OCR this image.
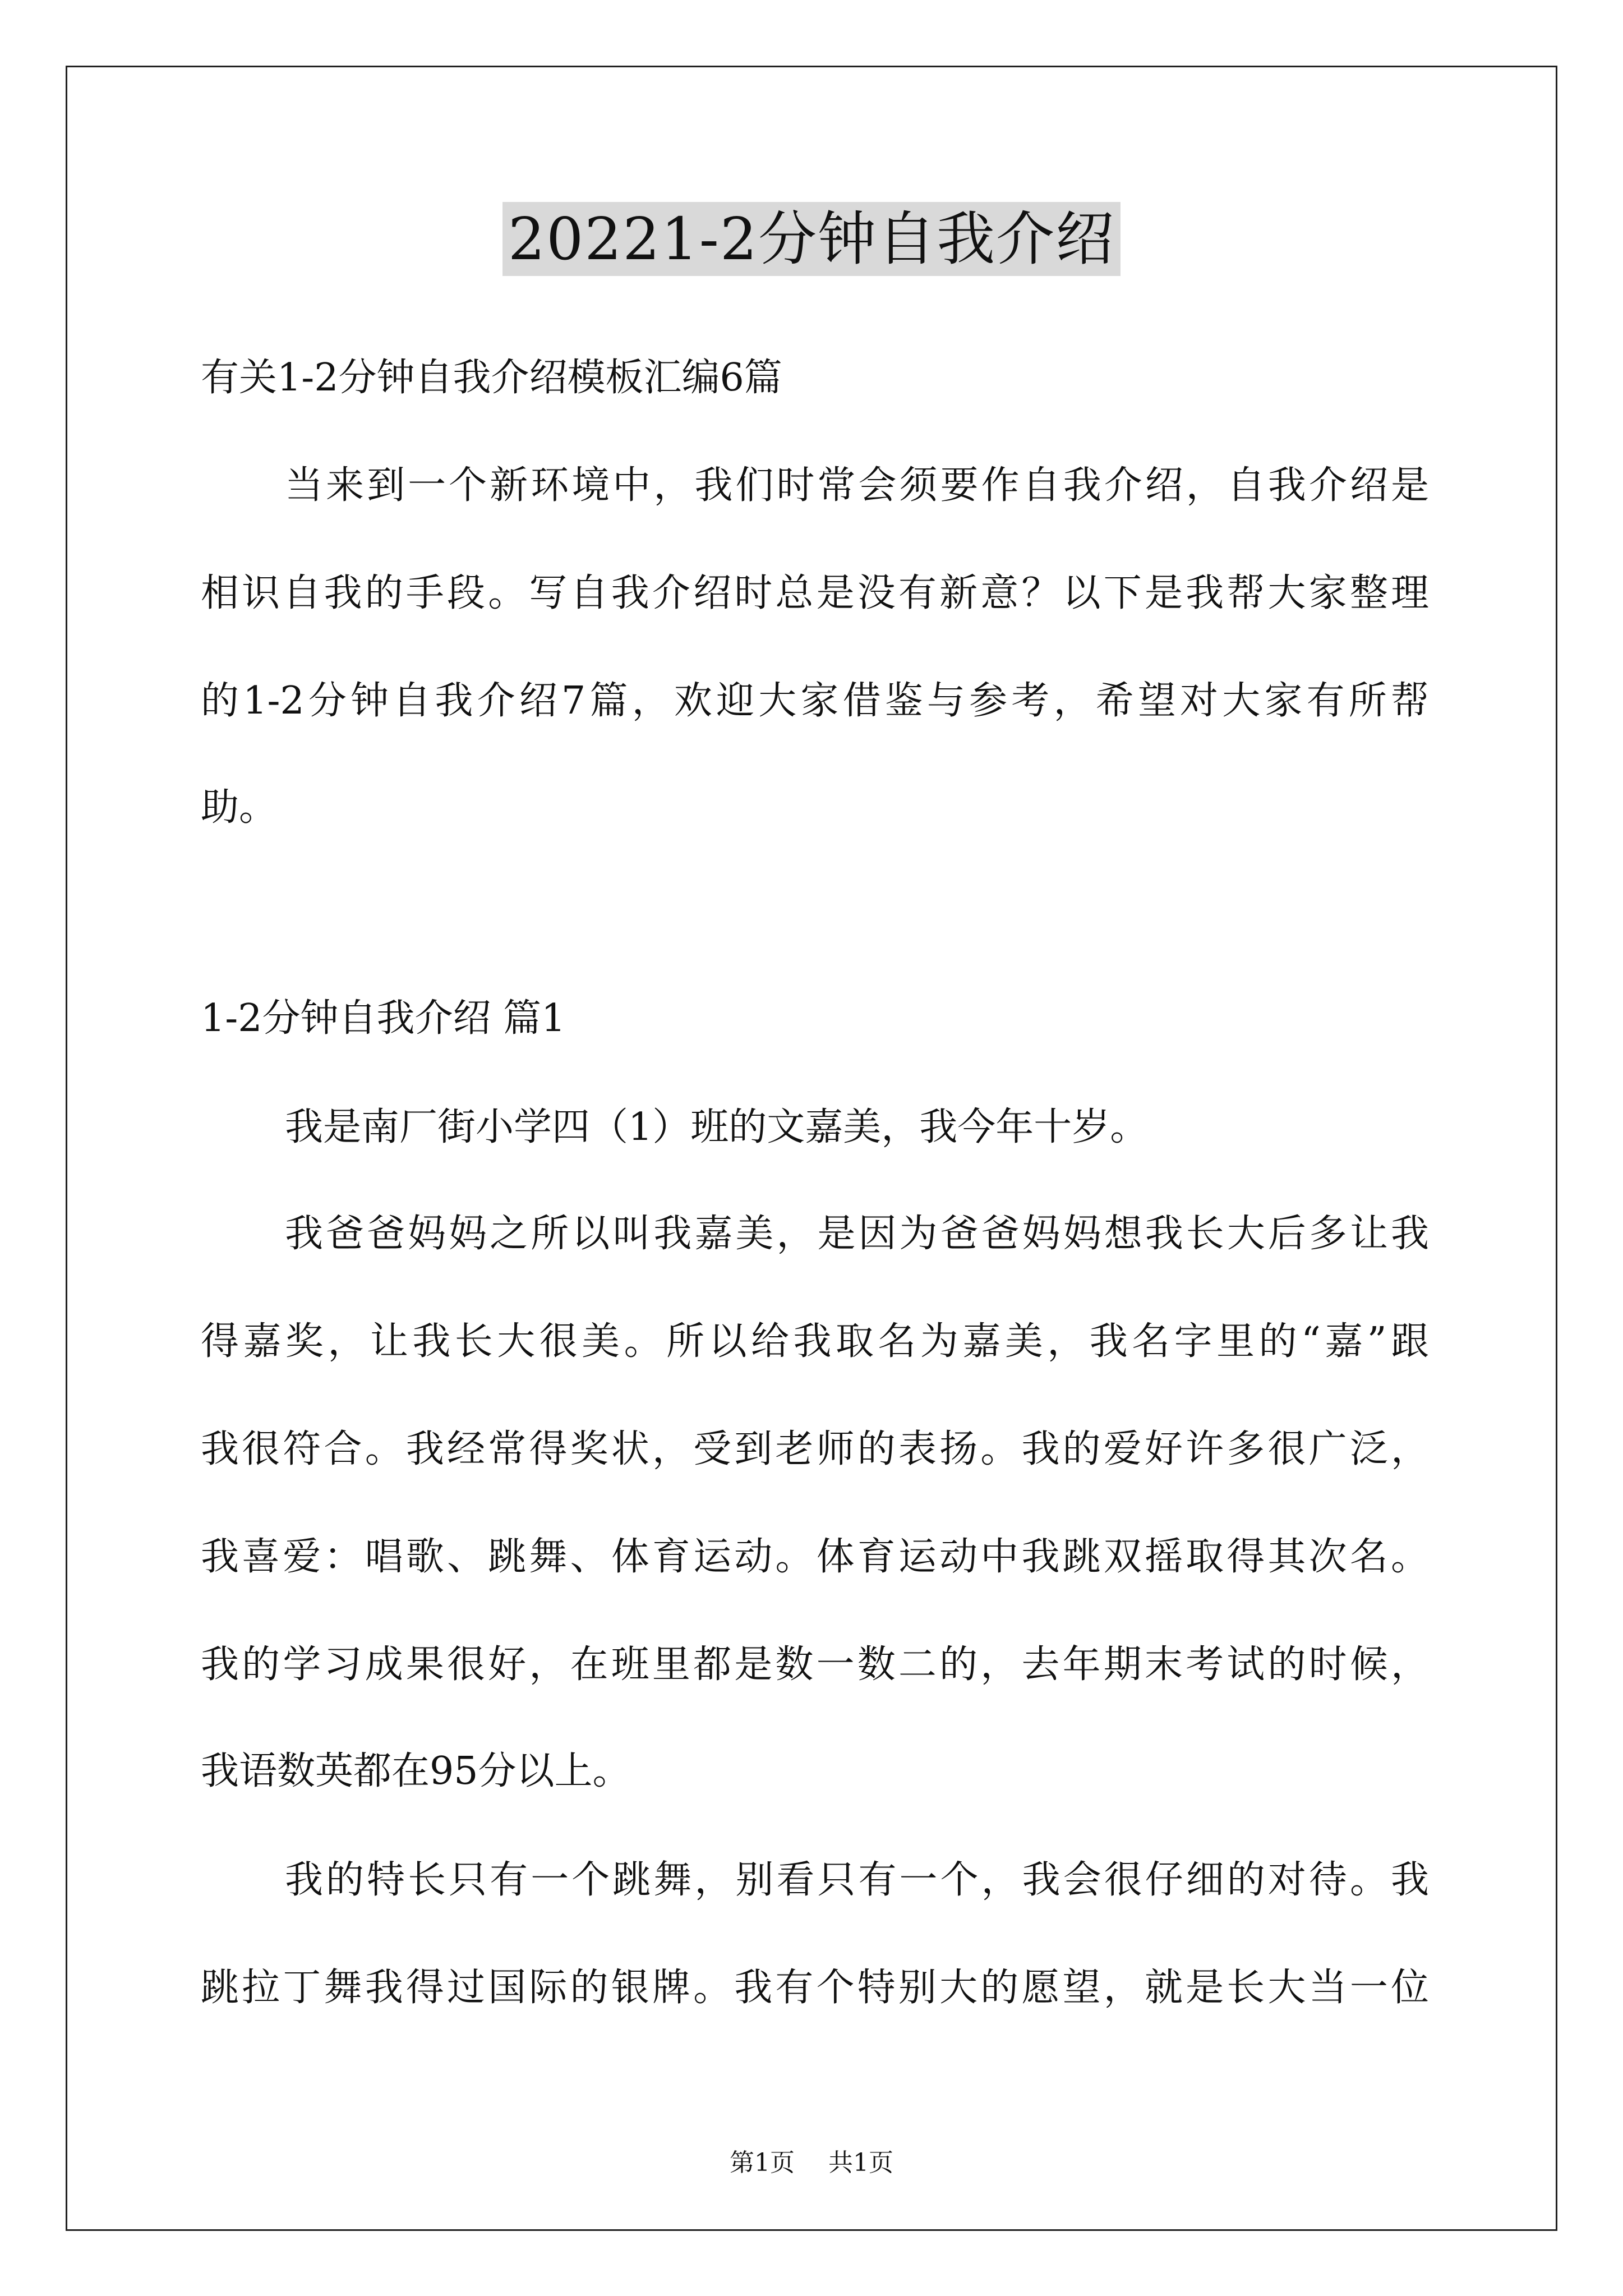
20221-2分钟自我介绍
有关1-2分钟自我介绍模板汇编6篇
当来到一个新环境中，我们时常会须要作自我介绍，自我介绍是
相识自我的手段。写自我介绍时总是没有新意？以下是我帮大家整理
的1-2分钟自我介绍7篇，欢迎大家借鉴与参考，希望对大家有所帮
助。
1-2分钟自我介绍 篇1
我是南厂街小学四（1）班的文嘉美，我今年十岁。
我爸爸妈妈之所以叫我嘉美，是因为爸爸妈妈想我长大后多让我
得嘉奖，让我长大很美。所以给我取名为嘉美，我名字里的“嘉”跟
我很符合。我经常得奖状，受到老师的表扬。我的爱好许多很广泛，
我喜爱：唱歌、跳舞、体育运动。体育运动中我跳双摇取得其次名。
我的学习成果很好，在班里都是数一数二的，去年期末考试的时候，
我语数英都在95分以上。
我的特长只有一个跳舞，别看只有一个，我会很仔细的对待。我
跳拉丁舞我得过国际的银牌。我有个特别大的愿望，就是长大当一位
第1页 共1页
